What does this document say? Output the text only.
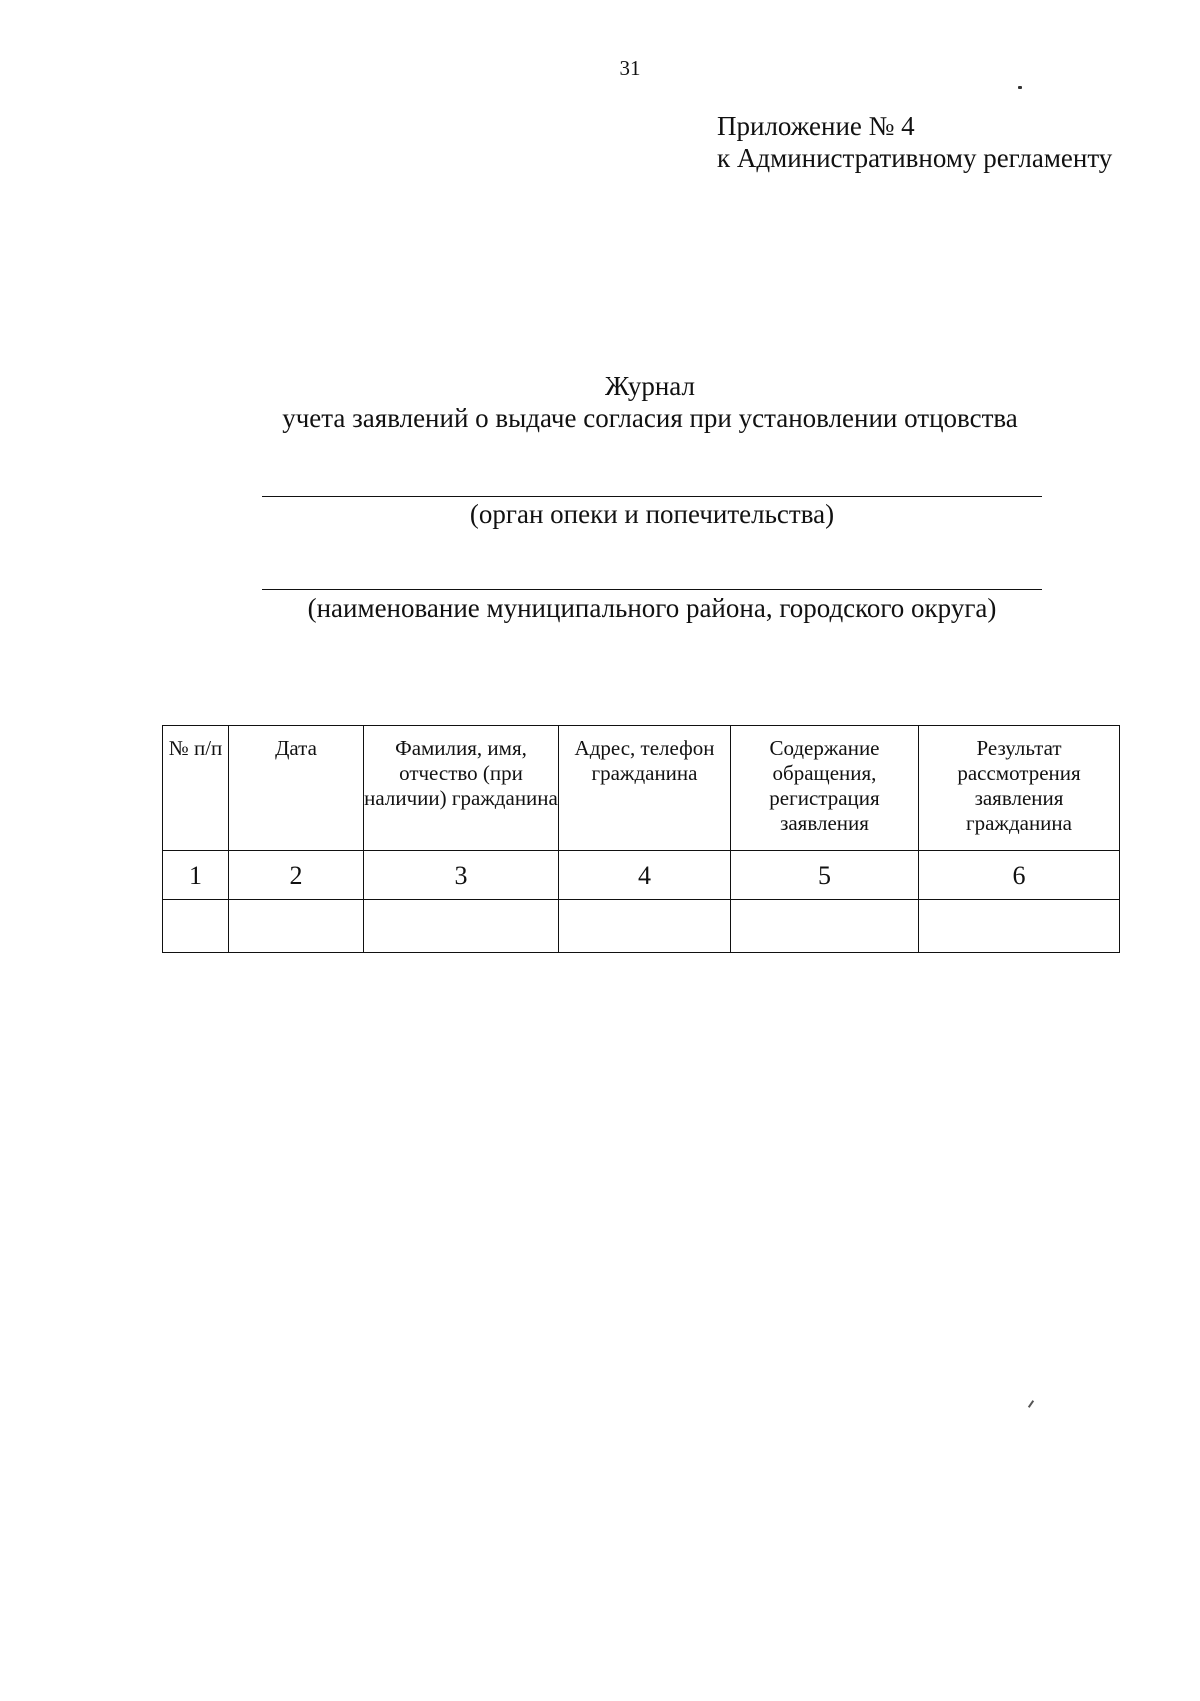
31
Приложение № 4
к Административному регламенту
Журнал
учета заявлений о выдаче согласия при установлении отцовства
(орган опеки и попечительства)
(наименование муниципального района, городского округа)
№ п/п	Дата	Фамилия, имя, отчество (при наличии) гражданина	Адрес, телефон гражданина	Содержание обращения, регистрация заявления	Результат рассмотрения заявления гражданина
1	2	3	4	5	6
